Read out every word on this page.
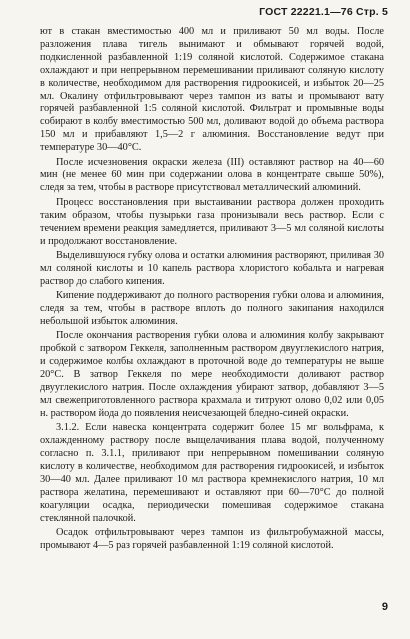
ГОСТ 22221.1—76 Стр. 5

ют в стакан вместимостью 400 мл и приливают 50 мл воды. После разложения плава тигель вынимают и обмывают горячей водой, подкисленной разбавленной 1:19 соляной кислотой. Содержимое стакана охлаждают и при непрерывном перемешивании приливают соляную кислоту в количестве, необходимом для растворения гидроокисей, и избыток 20—25 мл. Окалину отфильтровывают через тампон из ваты и промывают вату горячей разбавленной 1:5 соляной кислотой. Фильтрат и промывные воды собирают в колбу вместимостью 500 мл, доливают водой до объема раствора 150 мл и прибавляют 1,5—2 г алюминия. Восстановление ведут при температуре 30—40°С.

После исчезновения окраски железа (III) оставляют раствор на 40—60 мин (не менее 60 мин при содержании олова в концентрате свыше 50%), следя за тем, чтобы в растворе присутствовал металлический алюминий.

Процесс восстановления при выстаивании раствора должен проходить таким образом, чтобы пузырьки газа пронизывали весь раствор. Если с течением времени реакция замедляется, приливают 3—5 мл соляной кислоты и продолжают восстановление.

Выделившуюся губку олова и остатки алюминия растворяют, приливая 30 мл соляной кислоты и 10 капель раствора хлористого кобальта и нагревая раствор до слабого кипения.

Кипение поддерживают до полного растворения губки олова и алюминия, следя за тем, чтобы в растворе вплоть до полного закипания находился небольшой избыток алюминия.

После окончания растворения губки олова и алюминия колбу закрывают пробкой с затвором Геккеля, заполненным раствором двууглекислого натрия, и содержимое колбы охлаждают в проточной воде до температуры не выше 20°С. В затвор Геккеля по мере необходимости доливают раствор двууглекислого натрия. После охлаждения убирают затвор, добавляют 3—5 мл свежеприготовленного раствора крахмала и титруют олово 0,02 или 0,05 н. раствором йода до появления неисчезающей бледно-синей окраски.

3.1.2. Если навеска концентрата содержит более 15 мг вольфрама, к охлажденному раствору после выщелачивания плава водой, полученному согласно п. 3.1.1, приливают при непрерывном помешивании соляную кислоту в количестве, необходимом для растворения гидроокисей, и избыток 30—40 мл. Далее приливают 10 мл раствора кремнекислого натрия, 10 мл раствора желатина, перемешивают и оставляют при 60—70°С до полной коагуляции осадка, периодически помешивая содержимое стакана стеклянной палочкой.

Осадок отфильтровывают через тампон из фильтробумажной массы, промывают 4—5 раз горячей разбавленной 1:19 соляной кислотой.

9
